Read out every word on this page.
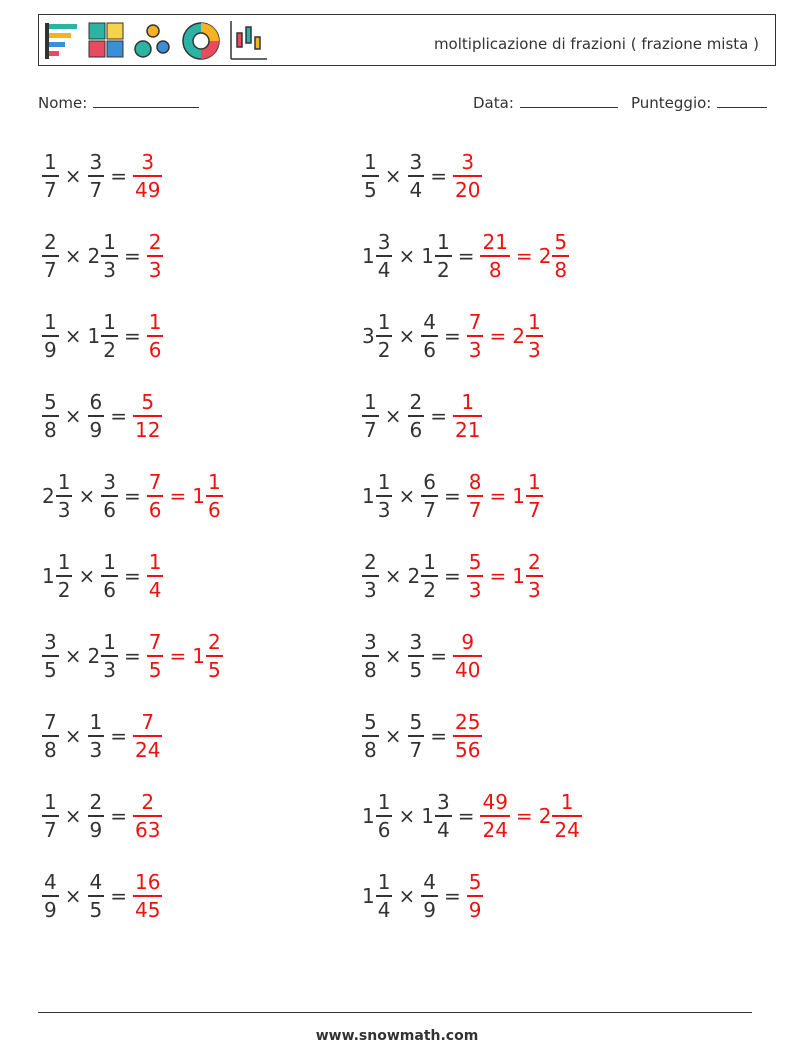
moltiplicazione di frazioni ( frazione mista )
Nome:	Data:	Punteggio:
$\frac{1}{7} \times \frac{3}{7} = \frac{3}{49}$	$\frac{1}{5} \times \frac{3}{4} = \frac{3}{20}$
$\frac{2}{7} \times 2 \frac{1}{3} = \frac{2}{3}$	$1 \frac{3}{4} \times 1 \frac{1}{2} = \frac{21}{8} = 2 \frac{5}{8}$
$\frac{1}{9} \times 1 \frac{1}{2} = \frac{1}{6}$	$3 \frac{1}{2} \times \frac{4}{6} = \frac{7}{3} = 2 \frac{1}{3}$
$\frac{5}{8} \times \frac{6}{9} = \frac{5}{12}$	$\frac{1}{7} \times \frac{2}{6} = \frac{1}{21}$
$2 \frac{1}{3} \times \frac{3}{6} = \frac{7}{6} = 1 \frac{1}{6}$	$1 \frac{1}{3} \times \frac{6}{7} = \frac{8}{7} = 1 \frac{1}{7}$
$1 \frac{1}{2} \times \frac{1}{6} = \frac{1}{4}$	$\frac{2}{3} \times 2 \frac{1}{2} = \frac{5}{3} = 1 \frac{2}{3}$
$\frac{3}{5} \times 2 \frac{1}{3} = \frac{7}{5} = 1 \frac{2}{5}$	$\frac{3}{8} \times \frac{3}{5} = \frac{9}{40}$
$\frac{7}{8} \times \frac{1}{3} = \frac{7}{24}$	$\frac{5}{8} \times \frac{5}{7} = \frac{25}{56}$
$\frac{1}{7} \times \frac{2}{9} = \frac{2}{63}$	$1 \frac{1}{6} \times 1 \frac{3}{4} = \frac{49}{24} = 2 \frac{1}{24}$
$\frac{4}{9} \times \frac{4}{5} = \frac{16}{45}$	$1 \frac{1}{4} \times \frac{4}{9} = \frac{5}{9}$
www.snowmath.com
